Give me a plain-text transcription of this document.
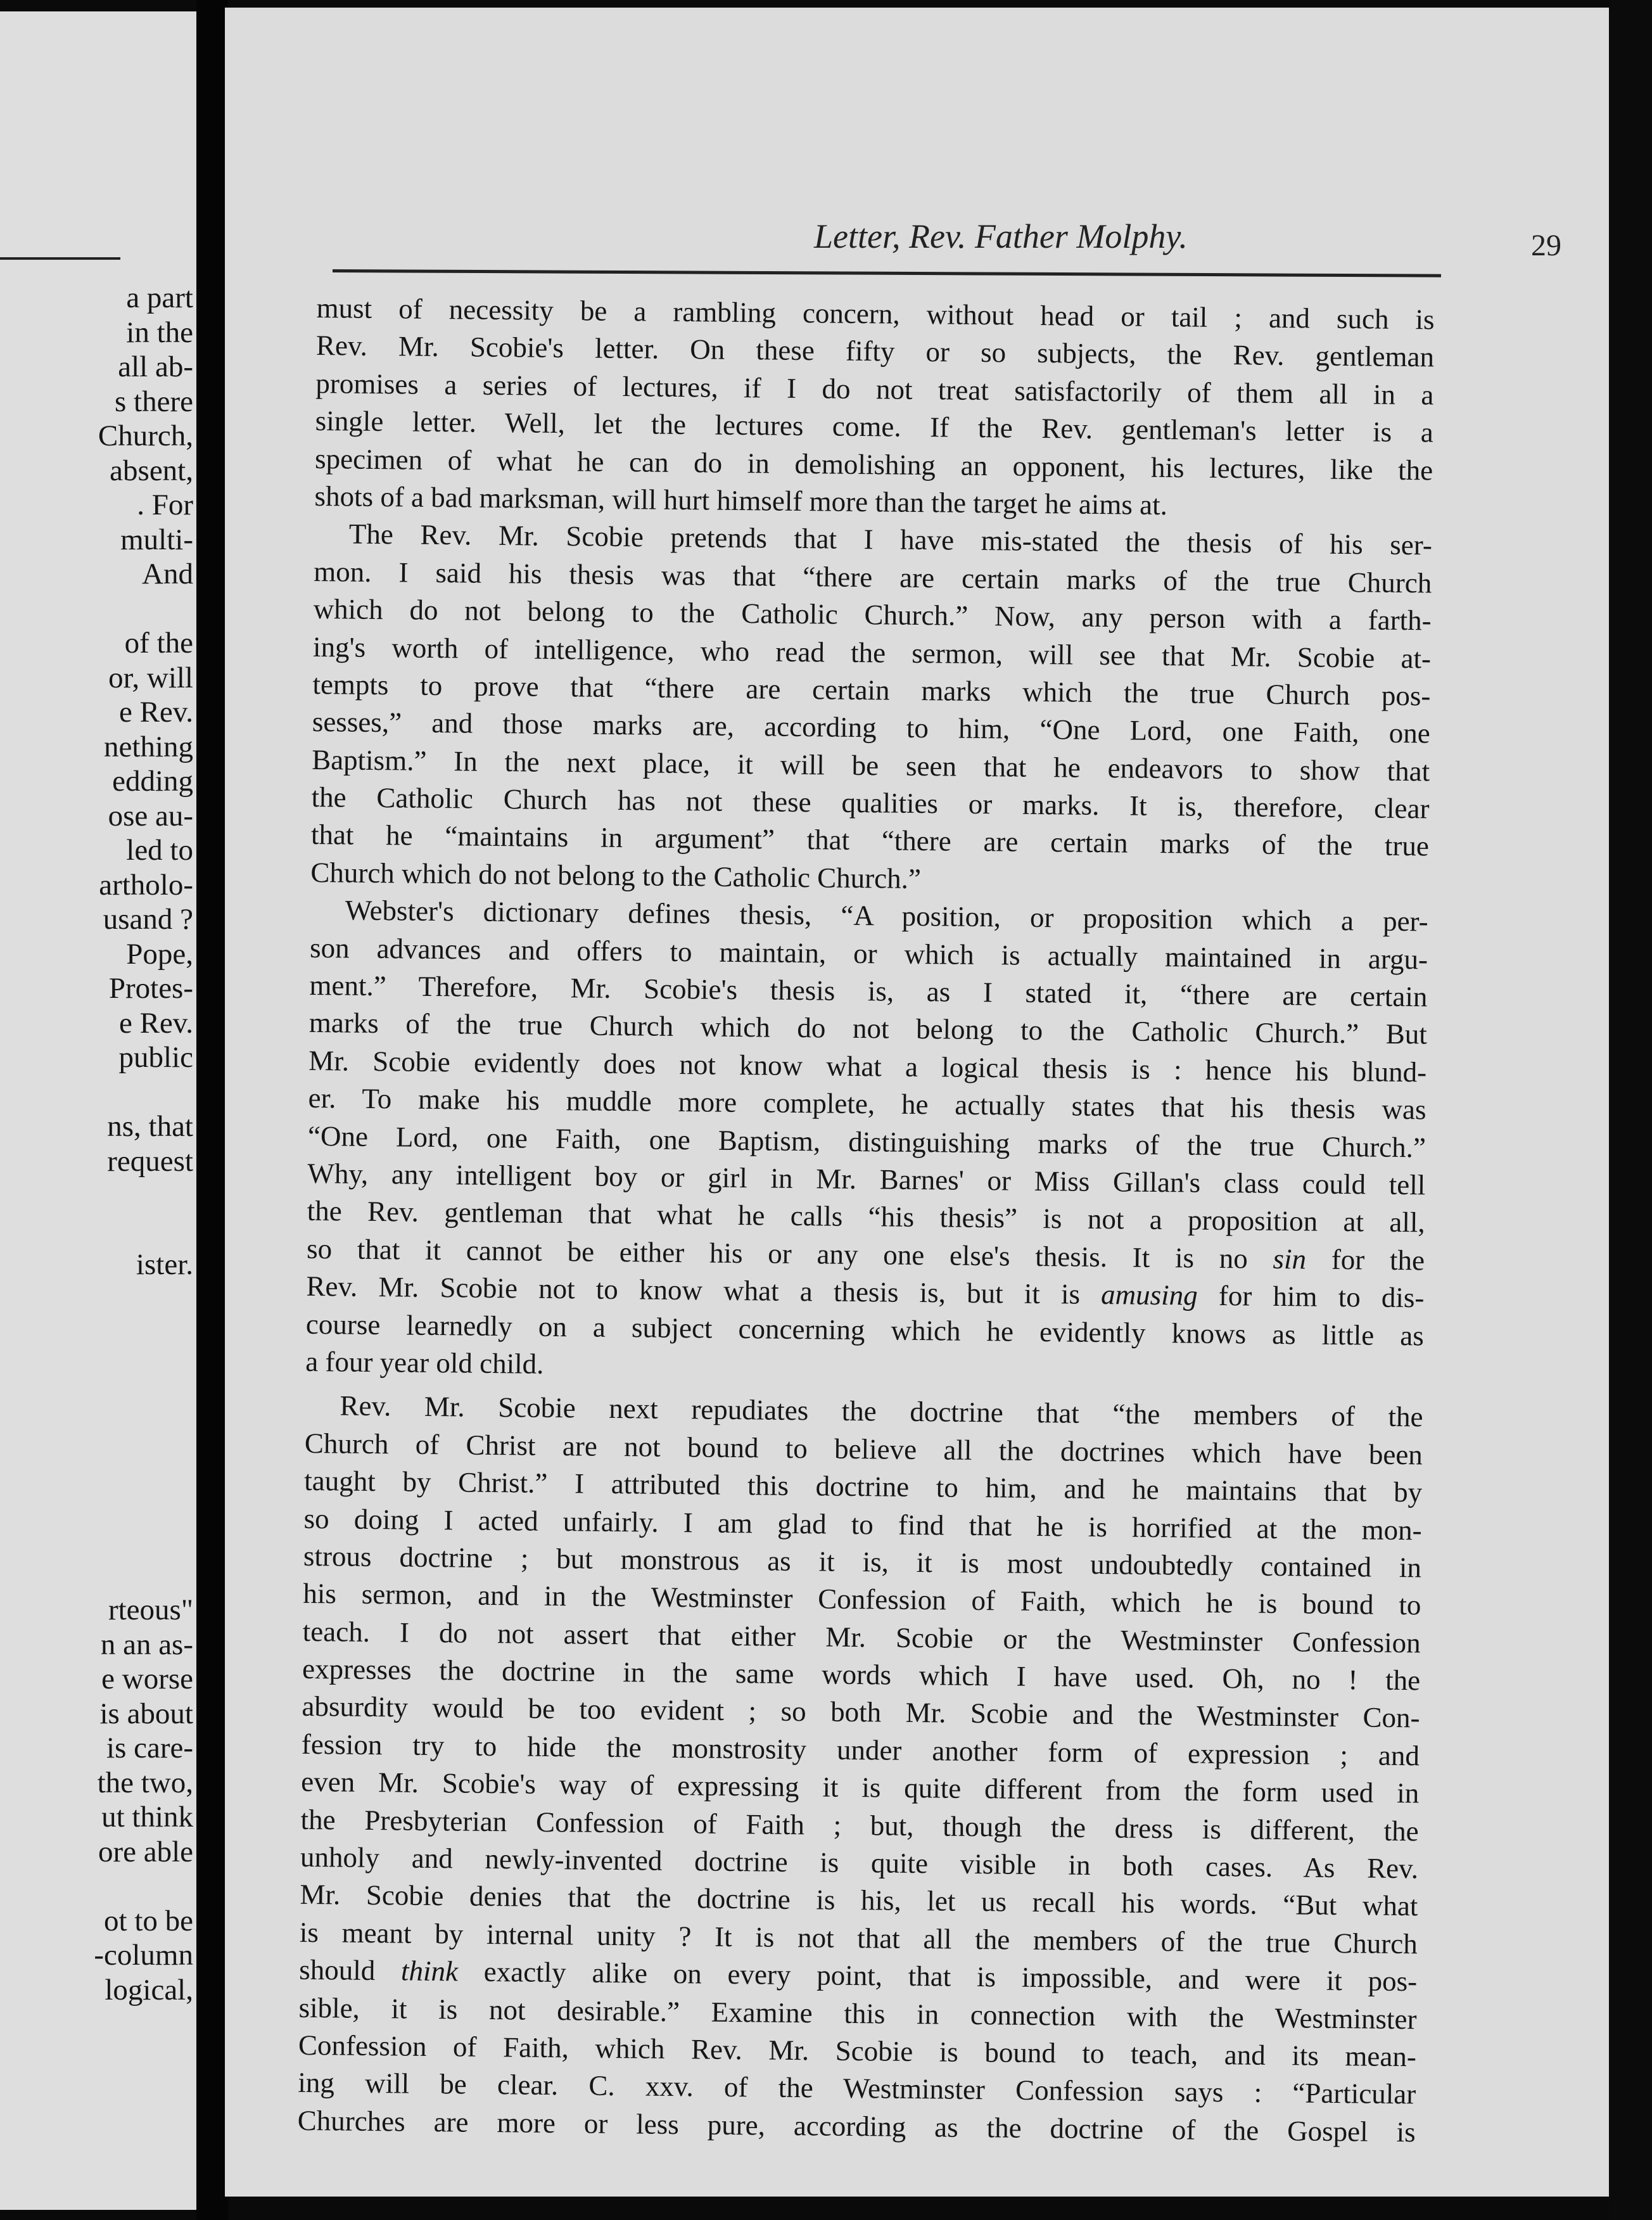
a part
in the
all ab-
s there
Church,
absent,
. For
multi-
And
of the
or, will
e Rev.
nething
edding
ose au-
led to
artholo-
usand ?
Pope,
Protes-
e Rev.
public
ns, that
request
ister.
rteous"
n an as-
e worse
is about
is care-
the two,
ut think
ore able
ot to be
-column
logical,
Letter, Rev. Father Molphy.	29
must of necessity be a rambling concern, without head or tail ; and such is
Rev. Mr. Scobie's letter. On these fifty or so subjects, the Rev. gentleman
promises a series of lectures, if I do not treat satisfactorily of them all in a
single letter. Well, let the lectures come. If the Rev. gentleman's letter is a
specimen of what he can do in demolishing an opponent, his lectures, like the
shots of a bad marksman, will hurt himself more than the target he aims at.
The Rev. Mr. Scobie pretends that I have mis-stated the thesis of his ser-
mon. I said his thesis was that “there are certain marks of the true Church
which do not belong to the Catholic Church.” Now, any person with a farth-
ing's worth of intelligence, who read the sermon, will see that Mr. Scobie at-
tempts to prove that “there are certain marks which the true Church pos-
sesses,” and those marks are, according to him, “One Lord, one Faith, one
Baptism.” In the next place, it will be seen that he endeavors to show that
the Catholic Church has not these qualities or marks. It is, therefore, clear
that he “maintains in argument” that “there are certain marks of the true
Church which do not belong to the Catholic Church.”
Webster's dictionary defines thesis, “A position, or proposition which a per-
son advances and offers to maintain, or which is actually maintained in argu-
ment.” Therefore, Mr. Scobie's thesis is, as I stated it, “there are certain
marks of the true Church which do not belong to the Catholic Church.” But
Mr. Scobie evidently does not know what a logical thesis is : hence his blund-
er. To make his muddle more complete, he actually states that his thesis was
“One Lord, one Faith, one Baptism, distinguishing marks of the true Church.”
Why, any intelligent boy or girl in Mr. Barnes' or Miss Gillan's class could tell
the Rev. gentleman that what he calls “his thesis” is not a proposition at all,
so that it cannot be either his or any one else's thesis. It is no sin for the
Rev. Mr. Scobie not to know what a thesis is, but it is amusing for him to dis-
course learnedly on a subject concerning which he evidently knows as little as
a four year old child.
Rev. Mr. Scobie next repudiates the doctrine that “the members of the
Church of Christ are not bound to believe all the doctrines which have been
taught by Christ.” I attributed this doctrine to him, and he maintains that by
so doing I acted unfairly. I am glad to find that he is horrified at the mon-
strous doctrine ; but monstrous as it is, it is most undoubtedly contained in
his sermon, and in the Westminster Confession of Faith, which he is bound to
teach. I do not assert that either Mr. Scobie or the Westminster Confession
expresses the doctrine in the same words which I have used. Oh, no ! the
absurdity would be too evident ; so both Mr. Scobie and the Westminster Con-
fession try to hide the monstrosity under another form of expression ; and
even Mr. Scobie's way of expressing it is quite different from the form used in
the Presbyterian Confession of Faith ; but, though the dress is different, the
unholy and newly-invented doctrine is quite visible in both cases. As Rev.
Mr. Scobie denies that the doctrine is his, let us recall his words. “But what
is meant by internal unity ? It is not that all the members of the true Church
should think exactly alike on every point, that is impossible, and were it pos-
sible, it is not desirable.” Examine this in connection with the Westminster
Confession of Faith, which Rev. Mr. Scobie is bound to teach, and its mean-
ing will be clear. C. xxv. of the Westminster Confession says : “Particular
Churches are more or less pure, according as the doctrine of the Gospel is
